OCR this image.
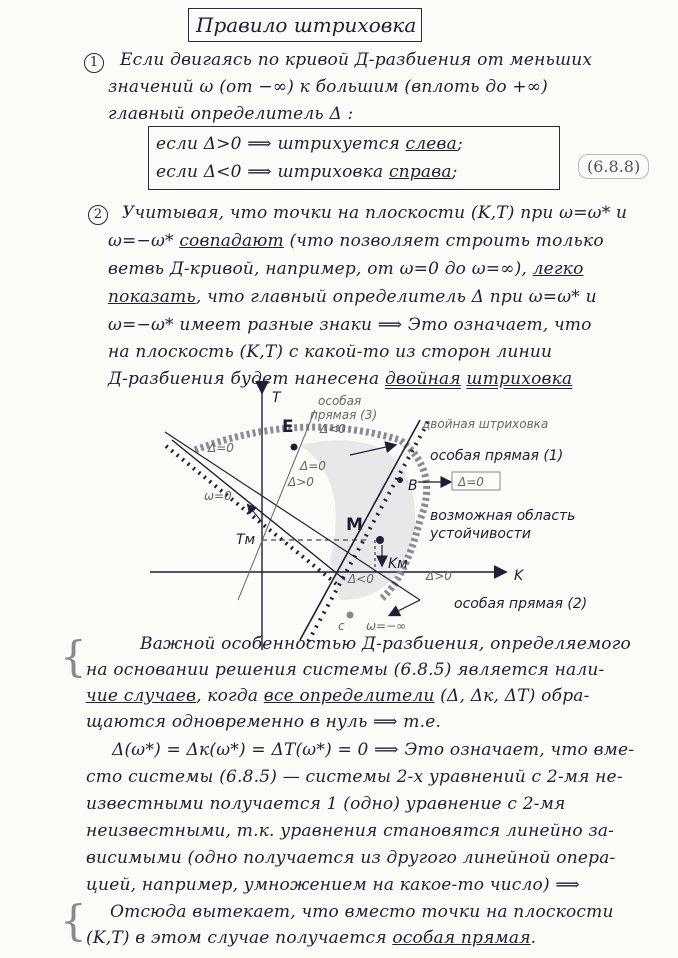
Правило штриховка
1	Если двигаясь по кривой Д-разбиения от меньших
значений ω (от −∞) к большим (вплоть до +∞)
главный определитель Δ :
если Δ>0 ⟹ штрихуется слева;
если Δ<0 ⟹ штриховка справа;	(6.8.8)
2	Учитывая, что точки на плоскости (K,T) при ω=ω* и
ω=−ω* совпадают (что позволяет строить только
ветвь Д-кривой, например, от ω=0 до ω=∞), легко
показать, что главный определитель Δ при ω=ω* и
ω=−ω* имеет разные знаки ⟹ Это означает, что
на плоскость (K,T) с какой-то из сторон линии
Д-разбиения будет нанесена двойная штриховка
T
K
E
M
B
Tм
Kм
c
ω=0
ω=−∞
особая
прямая (3)
Δ<0	двойная штриховка
особая прямая (1)
Δ=0
Δ=0
Δ>0	Δ=0
возможная область
устойчивости
Δ<0	Δ>0
особая прямая (2)
{	Важной особенностью Д-разбиения, определяемого
на основании решения системы (6.8.5) является нали-
чие случаев, когда все определители (Δ, Δк, ΔT) обра-
щаются одновременно в нуль ⟹ т.е.
Δ(ω*) = Δк(ω*) = ΔT(ω*) = 0 ⟹ Это означает, что вме-
сто системы (6.8.5) — системы 2-х уравнений с 2-мя не-
известными получается 1 (одно) уравнение с 2-мя
неизвестными, т.к. уравнения становятся линейно за-
висимыми (одно получается из другого линейной опера-
цией, например, умножением на какое-то число) ⟹
{ Отсюда вытекает, что вместо точки на плоскости
(K,T) в этом случае получается особая прямая.
